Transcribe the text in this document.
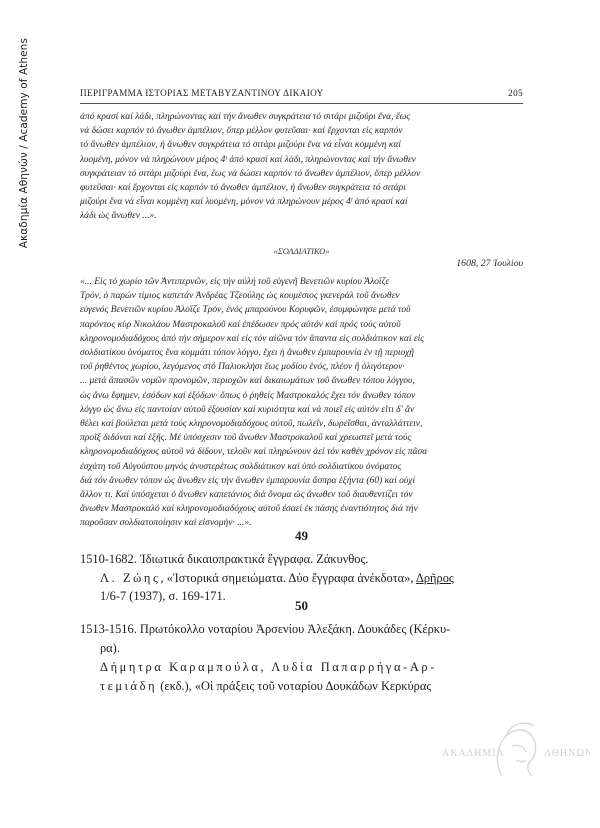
Ακαδημία Αθηνών / Academy of Athens	ΠΕΡΙΓΡΑΜΜΑ ΙΣΤΟΡΙΑΣ ΜΕΤΑΒΥΖΑΝΤΙΝΟΥ ΔΙΚΑΙΟΥ	205
ἀπό κρασί καί λάδι, πληρώνοντας καί τήν ἄνωθεν συγκράτεια τό σιτάρι μιζούρι ἕνα, ἕως
νά δώσει καρπόν τό ἄνωθεν ἀμπέλιον, ὅπερ μέλλον φυτεῦσαι· καί ἔρχονται εἰς καρπόν
τό ἄνωθεν ἀμπέλιον, ἡ ἄνωθεν συγκράτεια τό σιτάρι μιζούρι ἕνα νά εἶναι κομμένη καί
λυομένη, μόνον νά πληρώνουν μέρος 4ᵗ ἀπό κρασί καί λάδι, πληρώνοντας καί τήν ἄνωθεν
συγκράτειαν τό σιτάρι μιζούρι ἕνα, ἕως νά δώσει καρπόν τό ἄνωθεν ἀμπέλιον, ὅπερ μέλλον
φυτεῦσαι· καί ἔρχονται εἰς καρπόν τό ἄνωθεν ἀμπέλιον, ἡ ἄνωθεν συγκράτεια τό σιτάρι
μιζούρι ἕνα νά εἶναι κομμένη καί λυομένη, μόνον νά πληρώνουν μέρος 4ᵗ ἀπό κρασί καί
λάδι ὡς ἄνωθεν ...».
«ΣΟΛΔΙΑΤΙΚΟ»
1608, 27 Ἰουλίου
«... Εἰς τό χωρίο τῶν Ἀντιπερνῶν, εἰς τήν αὐλή τοῦ εὐγενῆ Βενετιῶν κυρίου Ἀλοΐζε
Τρόν, ὁ παρών τίμιος καπετάν Ἀνδρέας Τζεούλης ὡς κουμέσιος γκενεράλ τοῦ ἄνωθεν
εὐγενός Βενετιῶν κυρίου Ἀλοΐζε Τρόν, ἑνός μπαρούνου Κορυφῶν, ἐσυμφώνησε μετά τοῦ
παρόντος κὺρ Νικολάου Μαστροκαλοῦ καί ἐπέδωσεν πρός αὐτόν καί πρός τούς αὐτοῦ
κληρονομοδιαδόχους ἀπό τήν σήμερον καί εἰς τόν αἰῶνα τόν ἅπαντα εἰς σολδιάτικον καί εἰς
σολδιατίκου ὀνόματος ἕνα κομμάτι τόπον λόγγο, ἔχει ἡ ἄνωθεν ἐμπαρουνία ἐν τῇ περιοχῇ
τοῦ ῥηθέντος χωρίου, λεγόμενος στό Παλιοκλήσι ἕως μοδίου ἑνός, πλέον ἢ ὀλιγότερον·
... μετά ἅπασῶν νομῶν προνομῶν, περιοχῶν καί δικαιωμάτων τοῦ ἄνωθεν τόπου λόγγου,
ὡς ἄνω ἔφημεν, ἐσόδων καί ἐξόδων· ὅπως ὁ ῥηθείς Μαστροκαλός ἔχει τόν ἄνωθεν τόπον
λόγγο ὡς ἄνω εἰς παντοίαν αὐτοῦ ἐξουσίαν καί κυριότητα καί νά ποιεῖ εἰς αὐτόν εἴτι δ' ἄν
θέλει καί βούλεται μετά τούς κληρονομοδιαδόχους αὐτοῦ, πωλεῖν, δωρεῖσθαι, ἀνταλλάττειν,
προῖξ διδόναι καί ἑξῆς. Μέ ὑπόσχεσιν τοῦ ἄνωθεν Μαστροκαλοῦ καί χρεωστεῖ μετά τούς
κληρονομοδιαδόχους αὐτοῦ νά δίδουν, τελοῦν καί πληρώνουν ἀεί τόν καθέν χρόνον εἰς πᾶσα
ἐσχάτη τοῦ Αὐγούστου μηνός ἀνυστερέτως σολδιάτικον καί ὑπό σολδιατίκου ὀνόματος
διά τόν ἄνωθεν τόπον ὡς ἄνωθεν εἰς τήν ἄνωθεν ἐμπαρουνία ἄσπρα ἑξήντα (60) καί οὐχί
ἄλλον τι. Καί ὑπόσχεται ὁ ἄνωθεν καπετάνιος διά ὄνομα ὡς ἄνωθεν τοῦ διαυθεντίζει τόν
ἄνωθεν Μαστροκαλό καί κληρονομοδιαδόχους αὐτοῦ ἐσαεί ἐκ πάσης ἐναντιότητος διά τήν
παροῦσαν σολδιατοποίησιν καί εἰσνομήν· ...».
49
1510-1682. Ἰδιωτικά δικαιοπρακτικά ἔγγραφα. Ζάκυνθος.
Λ. Ζώης, «Ἱστορικά σημειώματα. Δύο ἔγγραφα ἀνέκδοτα», Δρῆρος
1/6-7 (1937), σ. 169-171.
50
1513-1516. Πρωτόκολλο νοταρίου Ἀρσενίου Ἀλεξάκη. Δουκάδες (Κέρκυ-
ρα).
Δήμητρα Καραμπούλα, Λυδία Παπαρρήγα-Αρ-
τεμιάδη (εκδ.), «Οἱ πράξεις τοῦ νοταρίου Δουκάδων Κερκύρας
ΑΚΑΔΗΜΙΑ	ΑΘΗΝΩΝ
